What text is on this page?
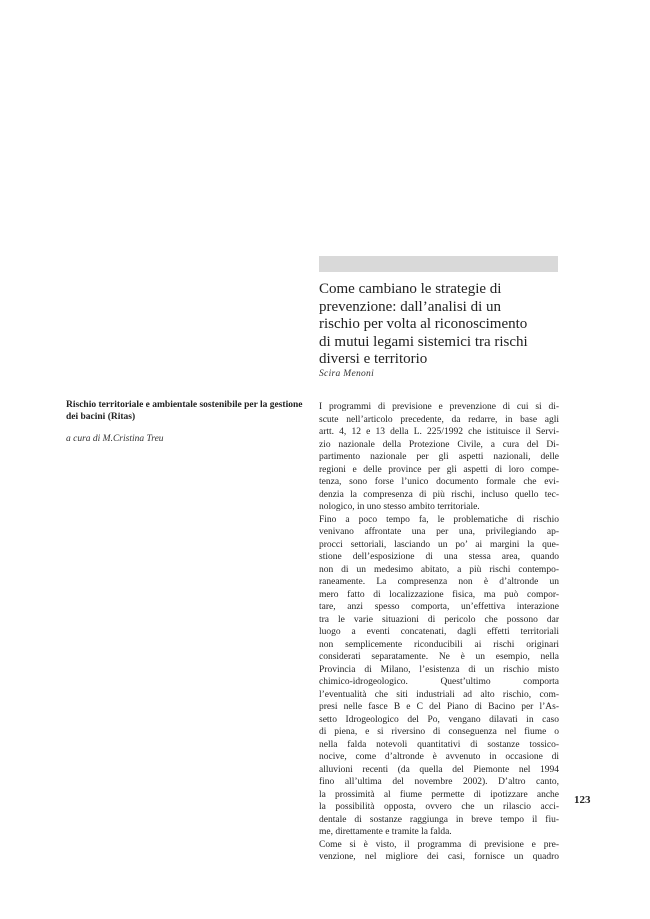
Come cambiano le strategie di
prevenzione: dall’analisi di un
rischio per volta al riconoscimento
di mutui legami sistemici tra rischi
diversi e territorio
Scira Menoni

Rischio territoriale e ambientale sostenibile per la gestione dei bacini (Ritas)

a cura di M.Cristina Treu

I programmi di previsione e prevenzione di cui si di-
scute nell’articolo precedente, da redarre, in base agli
artt. 4, 12 e 13 della L. 225/1992 che istituisce il Servi-
zio nazionale della Protezione Civile, a cura del Di-
partimento nazionale per gli aspetti nazionali, delle
regioni e delle province per gli aspetti di loro compe-
tenza, sono forse l’unico documento formale che evi-
denzia la compresenza di più rischi, incluso quello tec-
nologico, in uno stesso ambito territoriale.
Fino a poco tempo fa, le problematiche di rischio
venivano affrontate una per una, privilegiando ap-
procci settoriali, lasciando un po’ ai margini la que-
stione dell’esposizione di una stessa area, quando
non di un medesimo abitato, a più rischi contempo-
raneamente. La compresenza non è d’altronde un
mero fatto di localizzazione fisica, ma può compor-
tare, anzi spesso comporta, un’effettiva interazione
tra le varie situazioni di pericolo che possono dar
luogo a eventi concatenati, dagli effetti territoriali
non semplicemente riconducibili ai rischi originari
considerati separatamente. Ne è un esempio, nella
Provincia di Milano, l’esistenza di un rischio misto
chimico-idrogeologico. Quest’ultimo comporta
l’eventualità che siti industriali ad alto rischio, com-
presi nelle fasce B e C del Piano di Bacino per l’As-
setto Idrogeologico del Po, vengano dilavati in caso
di piena, e si riversino di conseguenza nel fiume o
nella falda notevoli quantitativi di sostanze tossico-
nocive, come d’altronde è avvenuto in occasione di
alluvioni recenti (da quella del Piemonte nel 1994
fino all’ultima del novembre 2002). D’altro canto,
la prossimità al fiume permette di ipotizzare anche
la possibilità opposta, ovvero che un rilascio acci-
dentale di sostanze raggiunga in breve tempo il fiu-
me, direttamente e tramite la falda.
Come si è visto, il programma di previsione e pre-
venzione, nel migliore dei casi, fornisce un quadro
123
